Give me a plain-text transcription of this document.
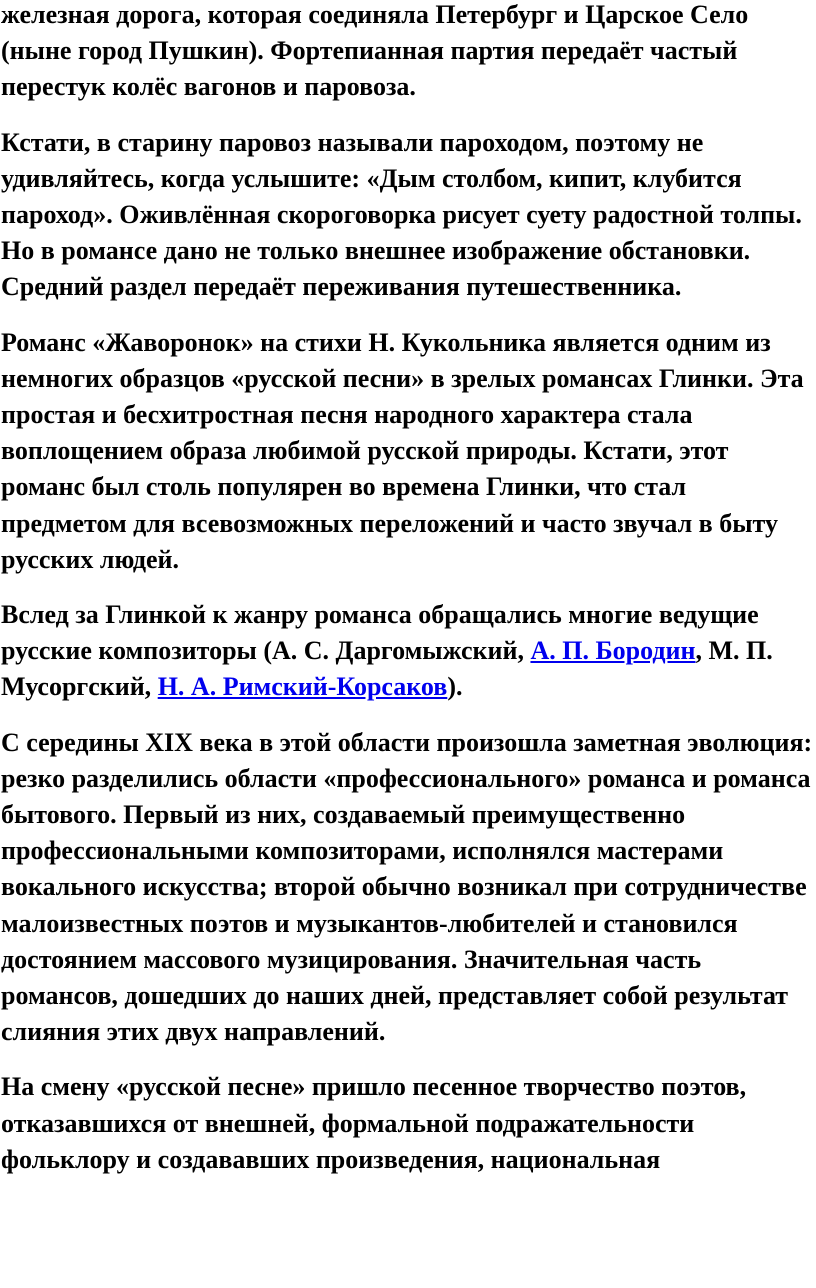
железная дорога, которая соединяла Петербург и Царское Село (ныне город Пушкин). Фортепианная партия передаёт частый перестук колёс вагонов и паровоза.

Кстати, в старину паровоз называли пароходом, поэтому не удивляйтесь, когда услышите: «Дым столбом, кипит, клубится пароход». Оживлённая скороговорка рисует суету радостной толпы. Но в романсе дано не только внешнее изображение обстановки. Средний раздел передаёт переживания путешественника.

Романс «Жаворонок» на стихи Н. Кукольника является одним из немногих образцов «русской песни» в зрелых романсах Глинки. Эта простая и бесхитростная песня народного характера стала воплощением образа любимой русской природы. Кстати, этот романс был столь популярен во времена Глинки, что стал предметом для всевозможных переложений и часто звучал в быту русских людей.

Вслед за Глинкой к жанру романса обращались многие ведущие русские композиторы (А. С. Даргомыжский, А. П. Бородин, М. П. Мусоргский, Н. А. Римский-Корсаков).

С середины XIX века в этой области произошла заметная эволюция: резко разделились области «профессионального» романса и романса бытового. Первый из них, создаваемый преимущественно профессиональными композиторами, исполнялся мастерами вокального искусства; второй обычно возникал при сотрудничестве малоизвестных поэтов и музыкантов-любителей и становился достоянием массового музицирования. Значительная часть романсов, дошедших до наших дней, представляет собой результат слияния этих двух направлений.

На смену «русской песне» пришло песенное творчество поэтов, отказавшихся от внешней, формальной подражательности фольклору и создававших произведения, национальная
